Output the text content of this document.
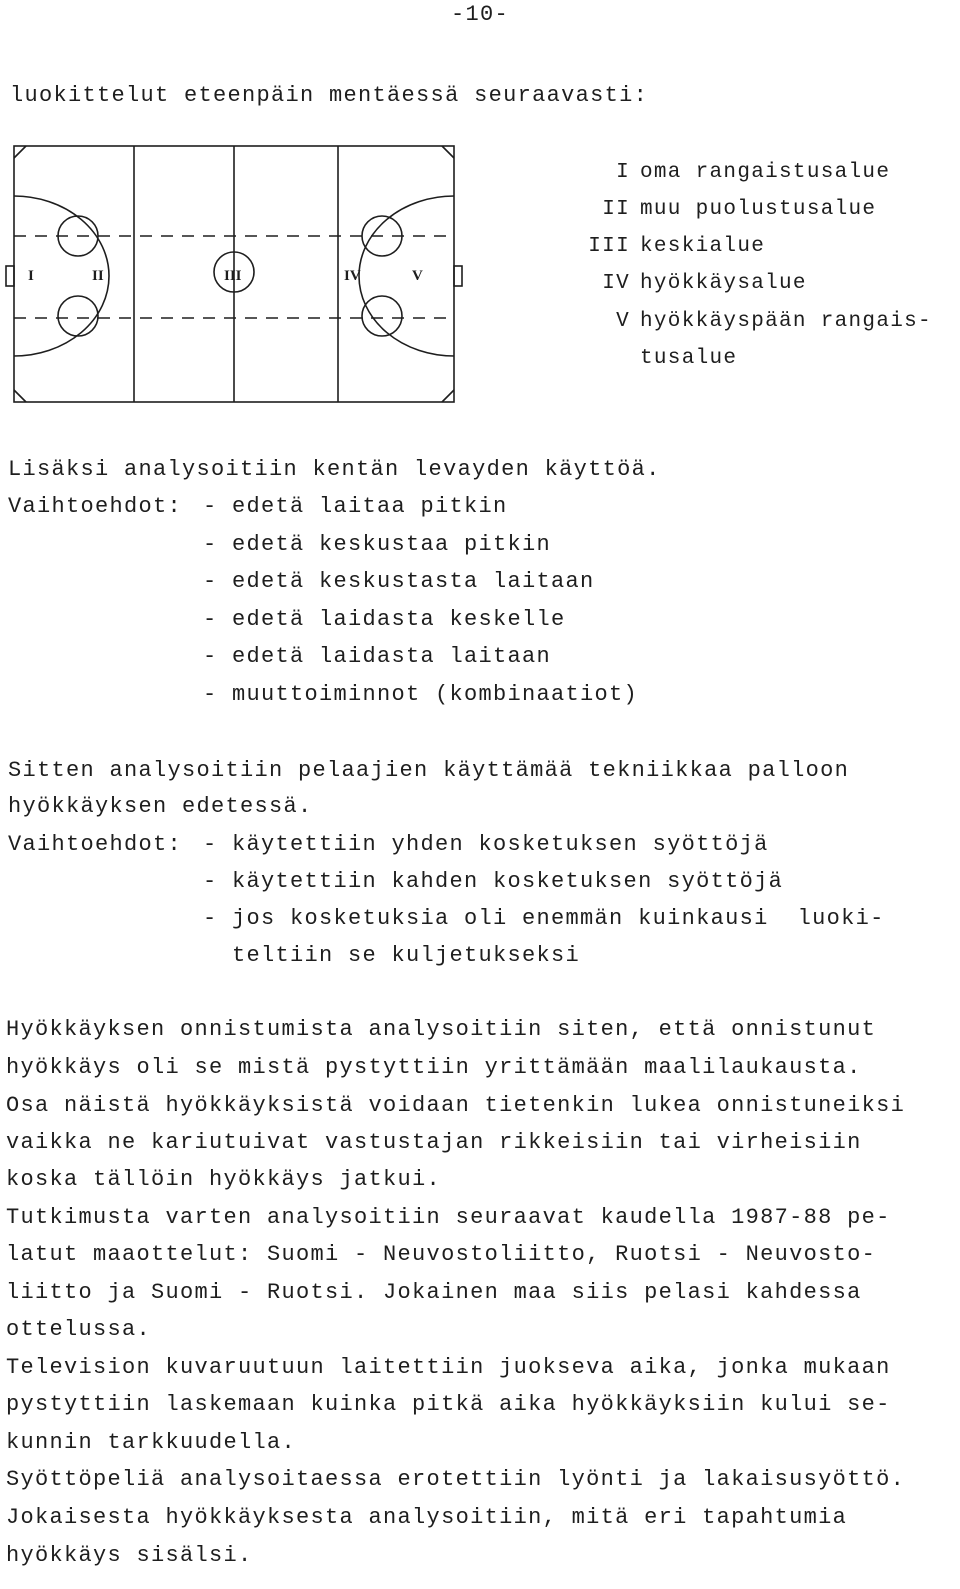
-10-
luokittelut eteenpäin mentäessä seuraavasti:
I	II	III	IV	V
I oma rangaistusalue
II muu puolustusalue
III keskialue
IV hyökkäysalue
V hyökkäyspään rangais-
tusalue
Lisäksi analysoitiin kentän levayden käyttöä.
Vaihtoehdot: - edetä laitaa pitkin
- edetä keskustaa pitkin
- edetä keskustasta laitaan
- edetä laidasta keskelle
- edetä laidasta laitaan
- muuttoiminnot (kombinaatiot)
Sitten analysoitiin pelaajien käyttämää tekniikkaa palloon
hyökkäyksen edetessä.
Vaihtoehdot: - käytettiin yhden kosketuksen syöttöjä
- käytettiin kahden kosketuksen syöttöjä
- jos kosketuksia oli enemmän kuinkausi  luoki-
teltiin se kuljetukseksi
Hyökkäyksen onnistumista analysoitiin siten, että onnistunut
hyökkäys oli se mistä pystyttiin yrittämään maalilaukausta.
Osa näistä hyökkäyksistä voidaan tietenkin lukea onnistuneiksi
vaikka ne kariutuivat vastustajan rikkeisiin tai virheisiin
koska tällöin hyökkäys jatkui.
Tutkimusta varten analysoitiin seuraavat kaudella 1987-88 pe-
latut maaottelut: Suomi - Neuvostoliitto, Ruotsi - Neuvosto-
liitto ja Suomi - Ruotsi. Jokainen maa siis pelasi kahdessa
ottelussa.
Television kuvaruutuun laitettiin juokseva aika, jonka mukaan
pystyttiin laskemaan kuinka pitkä aika hyökkäyksiin kului se-
kunnin tarkkuudella.
Syöttöpeliä analysoitaessa erotettiin lyönti ja lakaisusyöttö.
Jokaisesta hyökkäyksesta analysoitiin, mitä eri tapahtumia
hyökkäys sisälsi.
